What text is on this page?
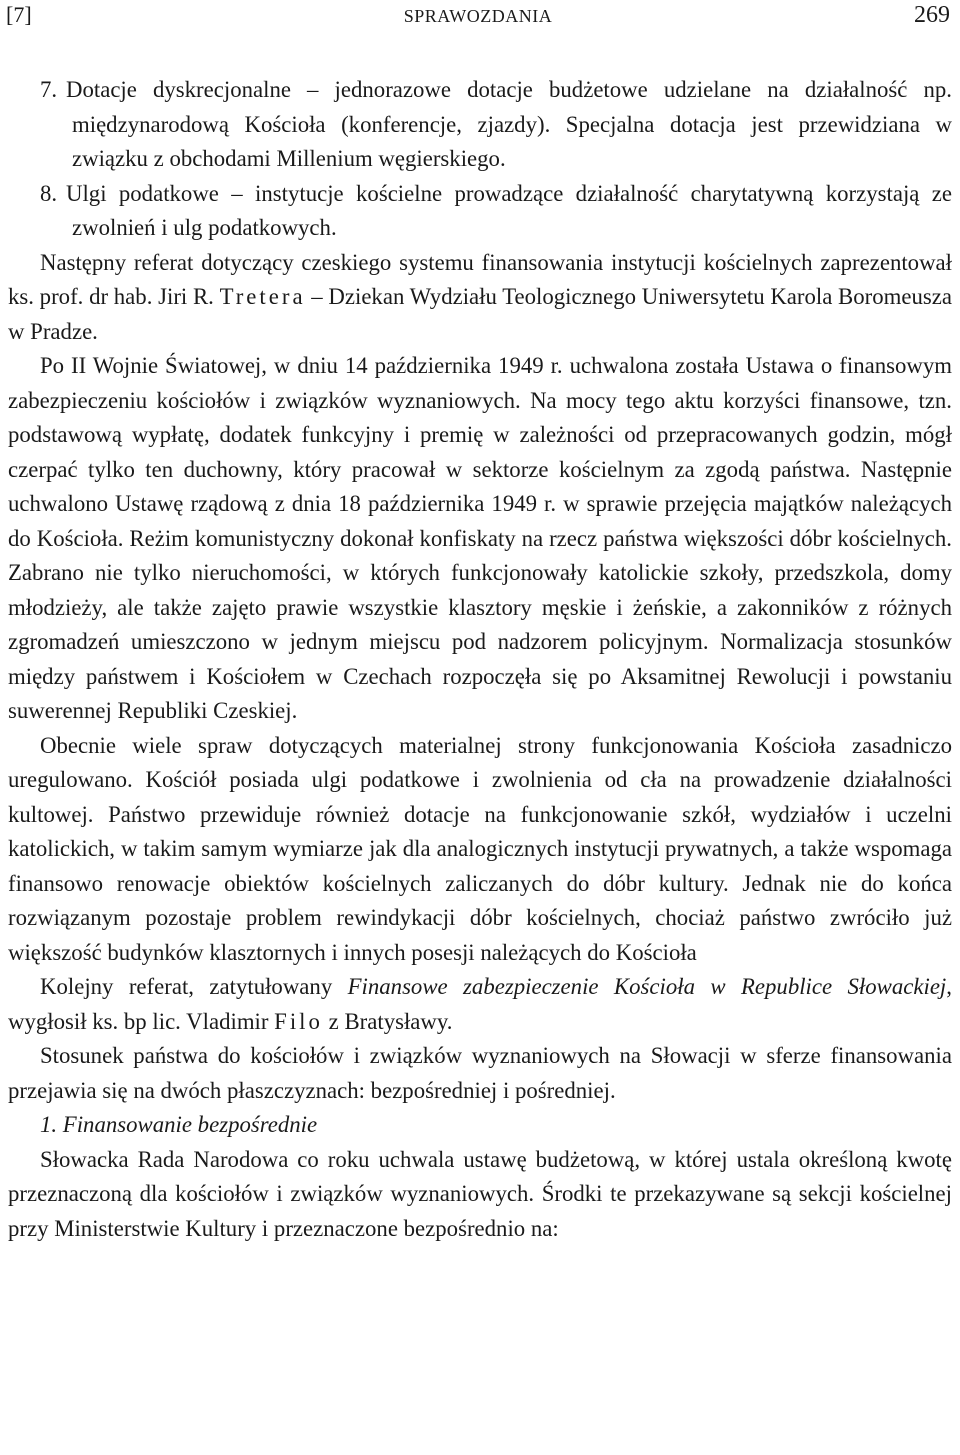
[7]	SPRAWOZDANIA	269

7. Dotacje dyskrecjonalne – jednorazowe dotacje budżetowe udzielane na działalność np. międzynarodową Kościoła (konferencje, zjazdy). Specjalna dotacja jest przewidziana w związku z obchodami Millenium węgierskiego.

8. Ulgi podatkowe – instytucje kościelne prowadzące działalność charytatywną korzystają ze zwolnień i ulg podatkowych.

Następny referat dotyczący czeskiego systemu finansowania instytucji kościelnych zaprezentował ks. prof. dr hab. Jiri R. Tretera – Dziekan Wydziału Teologicznego Uniwersytetu Karola Boromeusza w Pradze.

Po II Wojnie Światowej, w dniu 14 października 1949 r. uchwalona została Ustawa o finansowym zabezpieczeniu kościołów i związków wyznaniowych. Na mocy tego aktu korzyści finansowe, tzn. podstawową wypłatę, dodatek funkcyjny i premię w zależności od przepracowanych godzin, mógł czerpać tylko ten duchowny, który pracował w sektorze kościelnym za zgodą państwa. Następnie uchwalono Ustawę rządową z dnia 18 października 1949 r. w sprawie przejęcia majątków należących do Kościoła. Reżim komunistyczny dokonał konfiskaty na rzecz państwa większości dóbr kościelnych. Zabrano nie tylko nieruchomości, w których funkcjonowały katolickie szkoły, przedszkola, domy młodzieży, ale także zajęto prawie wszystkie klasztory męskie i żeńskie, a zakonników z różnych zgromadzeń umieszczono w jednym miejscu pod nadzorem policyjnym. Normalizacja stosunków między państwem i Kościołem w Czechach rozpoczęła się po Aksamitnej Rewolucji i powstaniu suwerennej Republiki Czeskiej.

Obecnie wiele spraw dotyczących materialnej strony funkcjonowania Kościoła zasadniczo uregulowano. Kościół posiada ulgi podatkowe i zwolnienia od cła na prowadzenie działalności kultowej. Państwo przewiduje również dotacje na funkcjonowanie szkół, wydziałów i uczelni katolickich, w takim samym wymiarze jak dla analogicznych instytucji prywatnych, a także wspomaga finansowo renowacje obiektów kościelnych zaliczanych do dóbr kultury. Jednak nie do końca rozwiązanym pozostaje problem rewindykacji dóbr kościelnych, chociaż państwo zwróciło już większość budynków klasztornych i innych posesji należących do Kościoła

Kolejny referat, zatytułowany Finansowe zabezpieczenie Kościoła w Republice Słowackiej, wygłosił ks. bp lic. Vladimir Filo z Bratysławy.

Stosunek państwa do kościołów i związków wyznaniowych na Słowacji w sferze finansowania przejawia się na dwóch płaszczyznach: bezpośredniej i pośredniej.

1. Finansowanie bezpośrednie

Słowacka Rada Narodowa co roku uchwala ustawę budżetową, w której ustala określoną kwotę przeznaczoną dla kościołów i związków wyznaniowych. Środki te przekazywane są sekcji kościelnej przy Ministerstwie Kultury i przeznaczone bezpośrednio na:
